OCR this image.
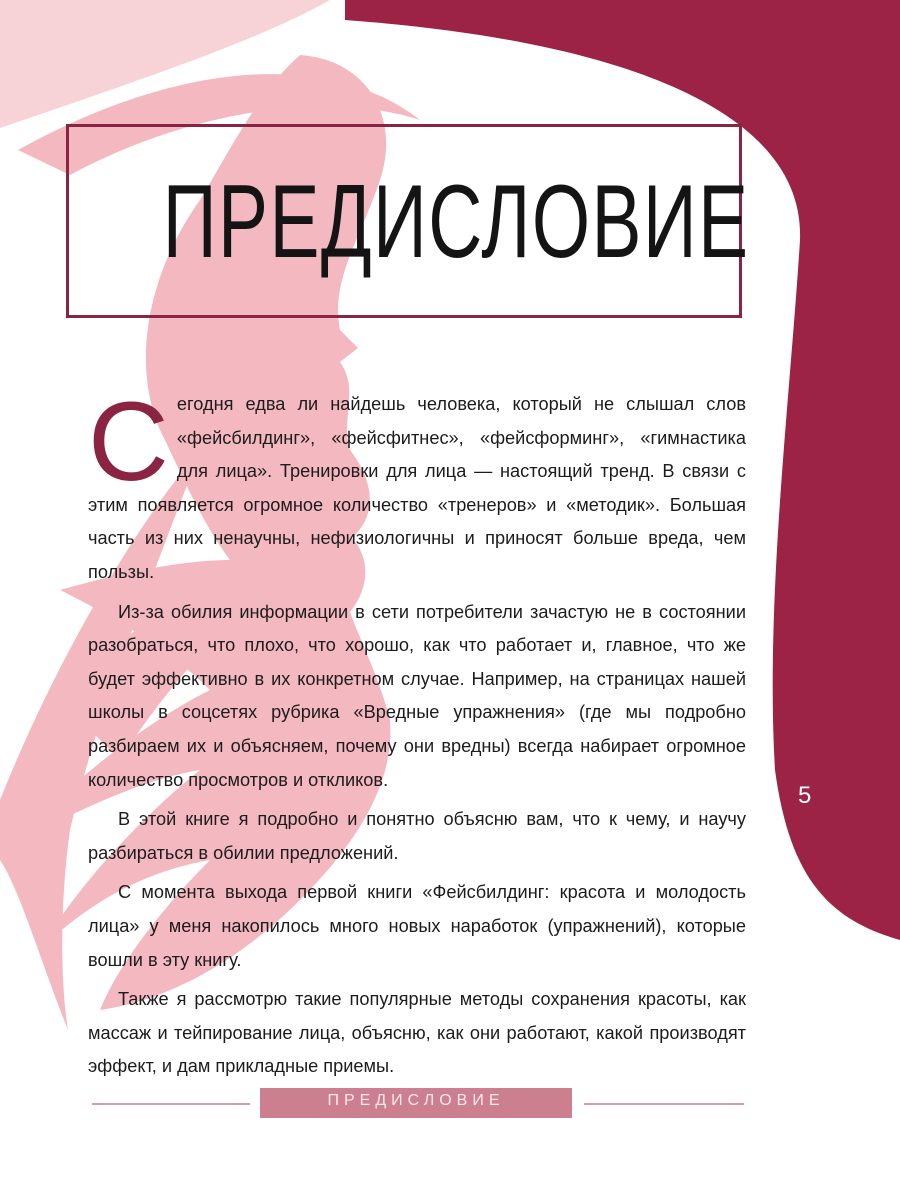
ПРЕДИСЛОВИЕ

Сегодня едва ли найдешь человека, который не слышал слов «фейсбилдинг», «фейсфитнес», «фейсформинг», «гимнастика для лица». Тренировки для лица — настоящий тренд. В связи с этим появляется огромное количество «тренеров» и «методик». Большая часть из них ненаучны, нефизиологичны и приносят больше вреда, чем пользы.

Из-за обилия информации в сети потребители зачастую не в состоянии разобраться, что плохо, что хорошо, как что работает и, главное, что же будет эффективно в их конкретном случае. Например, на страницах нашей школы в соцсетях рубрика «Вредные упражнения» (где мы подробно разбираем их и объясняем, почему они вредны) всегда набирает огромное количество просмотров и откликов.

В этой книге я подробно и понятно объясню вам, что к чему, и научу разбираться в обилии предложений.

С момента выхода первой книги «Фейсбилдинг: красота и молодость лица» у меня накопилось много новых наработок (упражнений), которые вошли в эту книгу.

Также я рассмотрю такие популярные методы сохранения красоты, как массаж и тейпирование лица, объясню, как они работают, какой производят эффект, и дам прикладные приемы.

5
ПРЕДИСЛОВИЕ
